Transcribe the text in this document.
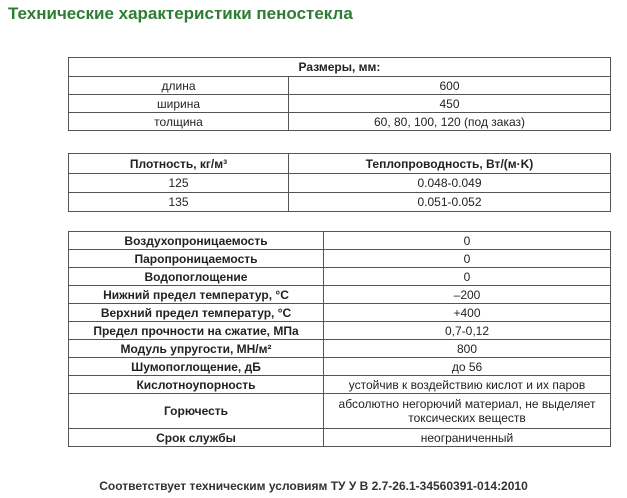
Технические характеристики пеностекла
Размеры, мм:	
длина	600
ширина	450
толщина	60, 80, 100, 120 (под заказ)
Плотность, кг/м³	Теплопроводность, Вт/(м·K)
125	0.048-0.049
135	0.051-0.052
Воздухопроницаемость	0
Паропроницаемость	0
Водопоглощение	0
Нижний предел температур, °С	–200
Верхний предел температур, °С	+400
Предел прочности на сжатие, МПа	0,7-0,12
Модуль упругости, МН/м²	800
Шумопоглощение, дБ	до 56
Кислотноупорность	устойчив к воздействию кислот и их паров
Горючесть	абсолютно негорючий материал, не выделяет токсических веществ
Срок службы	неограниченный

Соответствует техническим условиям ТУ У В 2.7-26.1-34560391-014:2010
